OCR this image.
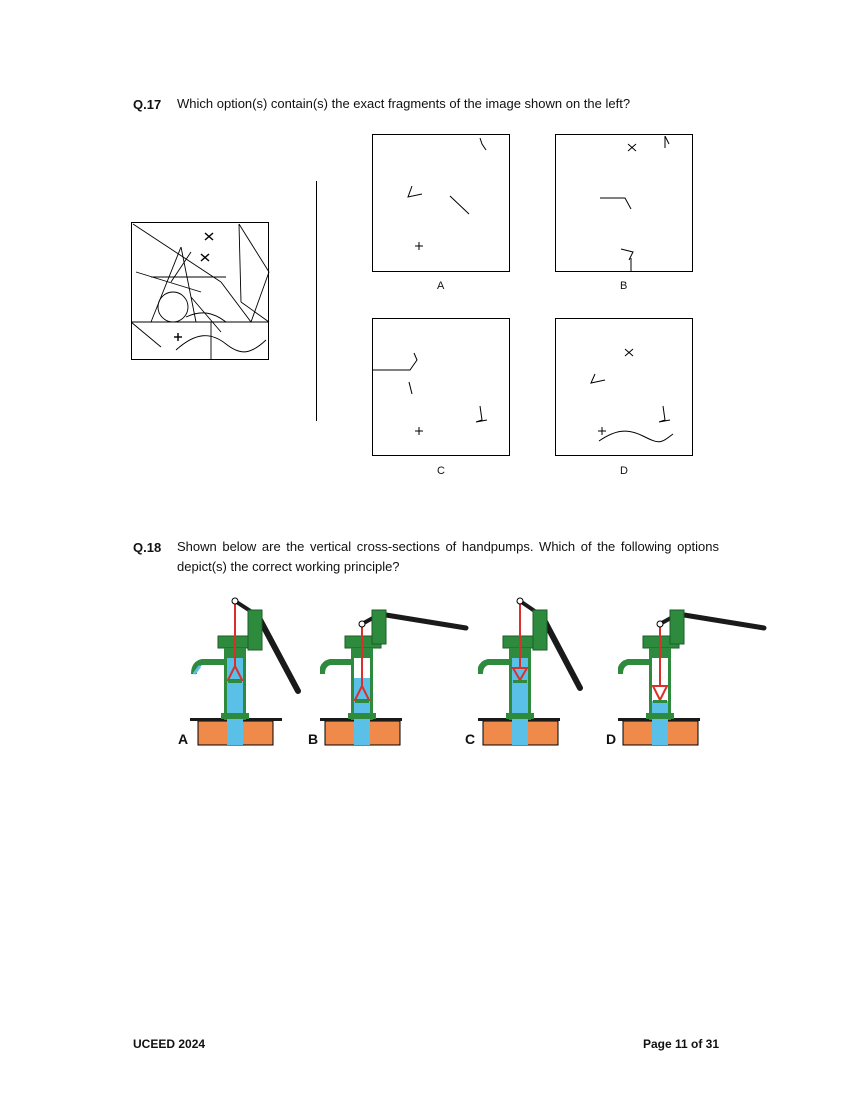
Q.17 Which option(s) contain(s) the exact fragments of the image shown on the left?
A	B
C	D
Q.18 Shown below are the vertical cross-sections of handpumps. Which of the following options depict(s) the correct working principle?
A	B	C	D
UCEED 2024	Page 11 of 31
